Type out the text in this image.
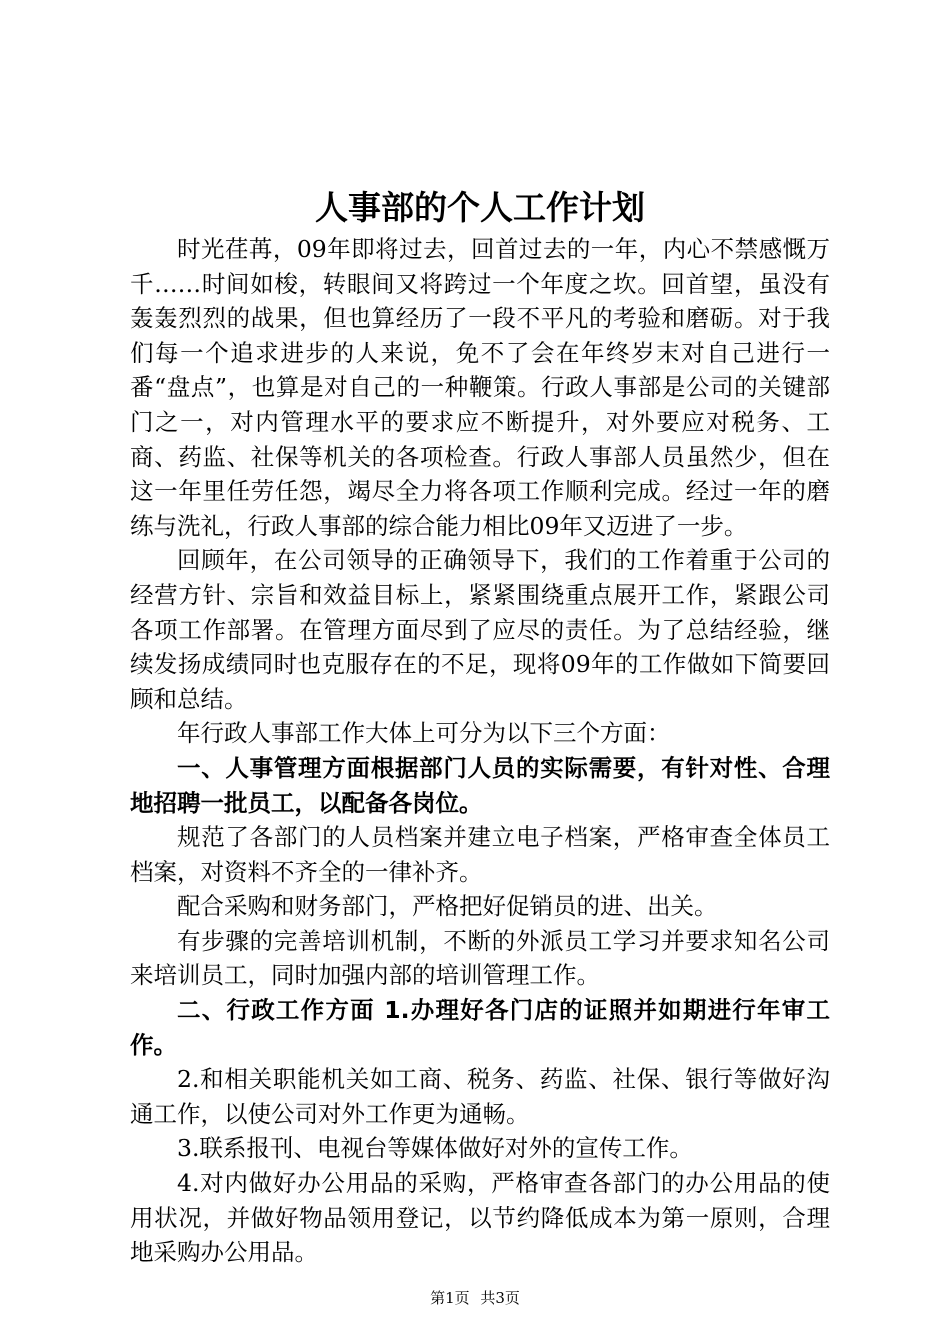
人事部的个人工作计划

时光荏苒，09年即将过去，回首过去的一年，内心不禁感慨万千……时间如梭，转眼间又将跨过一个年度之坎。回首望，虽没有轰轰烈烈的战果，但也算经历了一段不平凡的考验和磨砺。对于我们每一个追求进步的人来说，免不了会在年终岁末对自己进行一番“盘点”，也算是对自己的一种鞭策。行政人事部是公司的关键部门之一，对内管理水平的要求应不断提升，对外要应对税务、工商、药监、社保等机关的各项检查。行政人事部人员虽然少，但在这一年里任劳任怨，竭尽全力将各项工作顺利完成。经过一年的磨练与洗礼，行政人事部的综合能力相比09年又迈进了一步。

回顾年，在公司领导的正确领导下，我们的工作着重于公司的经营方针、宗旨和效益目标上，紧紧围绕重点展开工作，紧跟公司各项工作部署。在管理方面尽到了应尽的责任。为了总结经验，继续发扬成绩同时也克服存在的不足，现将09年的工作做如下简要回顾和总结。

年行政人事部工作大体上可分为以下三个方面：

一、人事管理方面根据部门人员的实际需要，有针对性、合理地招聘一批员工，以配备各岗位。

规范了各部门的人员档案并建立电子档案，严格审查全体员工档案，对资料不齐全的一律补齐。

配合采购和财务部门，严格把好促销员的进、出关。

有步骤的完善培训机制，不断的外派员工学习并要求知名公司来培训员工，同时加强内部的培训管理工作。

二、行政工作方面 1.办理好各门店的证照并如期进行年审工作。

2.和相关职能机关如工商、税务、药监、社保、银行等做好沟通工作，以使公司对外工作更为通畅。

3.联系报刊、电视台等媒体做好对外的宣传工作。

4.对内做好办公用品的采购，严格审查各部门的办公用品的使用状况，并做好物品领用登记，以节约降低成本为第一原则，合理地采购办公用品。

第1页 共3页
